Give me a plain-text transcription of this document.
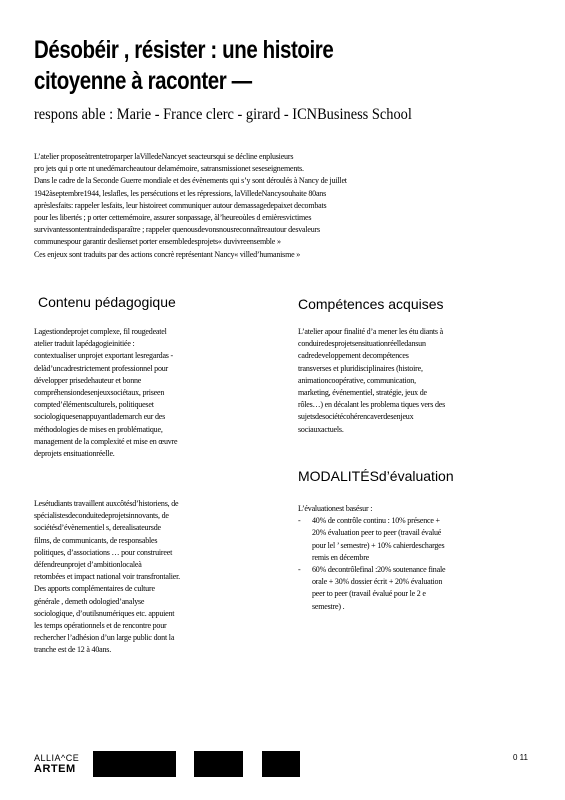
Désobéir , résister : une histoire
citoyenne à raconter —
respons able : Marie - France clerc - girard - ICNBusiness School
L’atelier proposeàtrentetroparper laVilledeNancyet seacteursqui se décline enplusieurs
pro jets qui p orte nt unedémarcheautour delamémoire, satransmissionet seseseignements.
Dans le cadre de la Seconde Guerre mondiale et des évènements qui s’y sont déroulés à Nancy de juillet
1942àseptembre1944, leslafles, les persécutions et les répressions, laVilledeNancysouhaite 80ans
aprèslesfaits: rappeler lesfaits, leur histoireet communiquer autour demassagedepaixet decombats
pour les libertés ; p orter cettemémoire, assurer sonpassage, àl’heureoùles d ernièresvictimes
survivantessontentraindedisparaître ; rappeler quenousdevonsnousreconnaîtreautour desvaleurs
communespour garantir deslienset porter ensembledesprojets« duvivreensemble »
Ces enjeux sont traduits par des actions concrè représentant Nancy« villed’humanisme »
Contenu pédagogique
Lagestiondeprojet complexe, fil rougedeatel
atelier traduit lapédagogieinitiée :
contextualiser unprojet exportant lesregardas -
delàd’uncadrestrictement professionnel pour
développer prisedehauteur et bonne
compréhensiondesenjeuxsociétaux, priseen
compted’élémentsculturels, politiqueset
sociologiquesenappuyantlademarch eur des
méthodologies de mises en problématique,
management de la complexité et mise en œuvre
deprojets ensituationréelle.
Lesétudiants travaillent auxcôtésd’historiens, de
spécialistesdeconduitedeprojetsinnovants, de
sociétésd’évènementiel s, derealisateursde
films, de communicants, de responsables
politiques, d’associations … pour construireet
défendreunprojet d’ambitionlocaleà
retombées et impact national voir transfrontalier.
Des apports complémentaires de culture
générale , demeth odologied’analyse
sociologique, d’outilsnumériques etc. appuient
les temps opérationnels et de rencontre pour
rechercher l’adhésion d’un large public dont la
tranche est de 12 à 40ans.
Compétences acquises
L’atelier apour finalité d’a mener les étu diants à
conduiredesprojetsensituationréelledansun
cadredeveloppement decompétences
transverses et pluridisciplinaires (histoire,
animationcoopérative, communication,
marketing, événementiel, stratégie, jeux de
rôles…) en décalant les problema tiques vers des
sujetsdesociétécohérencaverdesenjeux
sociauxactuels.
MODALITÉSd’évaluation
L’évaluationest basésur :
- 40% de contrôle continu : 10% présence +
20% évaluation peer to peer (travail évalué
pour lel ’ semestre) + 10% cahierdescharges
remis en décembre
- 60% decontrôlefinal :20% soutenance finale
orale + 30% dossier écrit + 20% évaluation
peer to peer (travail évalué pour le 2 e
semestre) .
ALLIA^CE
ARTEM
0 11
